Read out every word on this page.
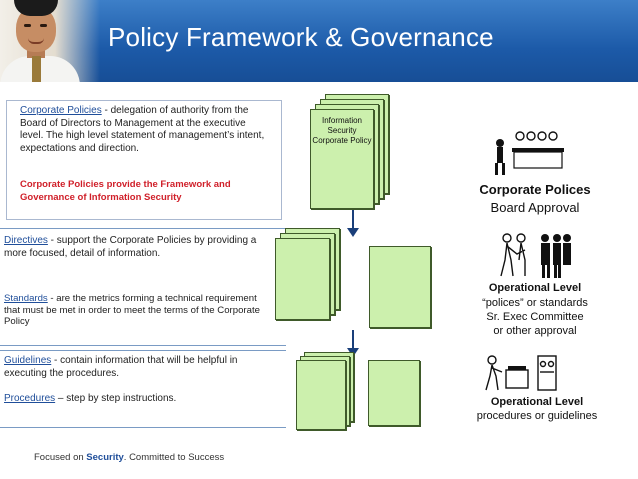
Policy Framework & Governance
Corporate Policies - delegation of authority from the Board of Directors to Management at the executive level. The high level statement of management’s intent, expectations and direction.
Corporate Policies provide the Framework and Governance of Information Security
Directives - support the Corporate Policies by providing a more focused, detail of information.
Standards - are the metrics forming a technical requirement that must be met in order to meet the terms of the Corporate Policy
Guidelines - contain information that will be helpful in executing the procedures.
Procedures – step by step instructions.
Information Security Corporate Policy
Corporate Polices
Board Approval
Operational Level
“polices” or standards
Sr. Exec Committee
or other approval
Operational Level
procedures or guidelines
Focused on Security. Committed to Success
